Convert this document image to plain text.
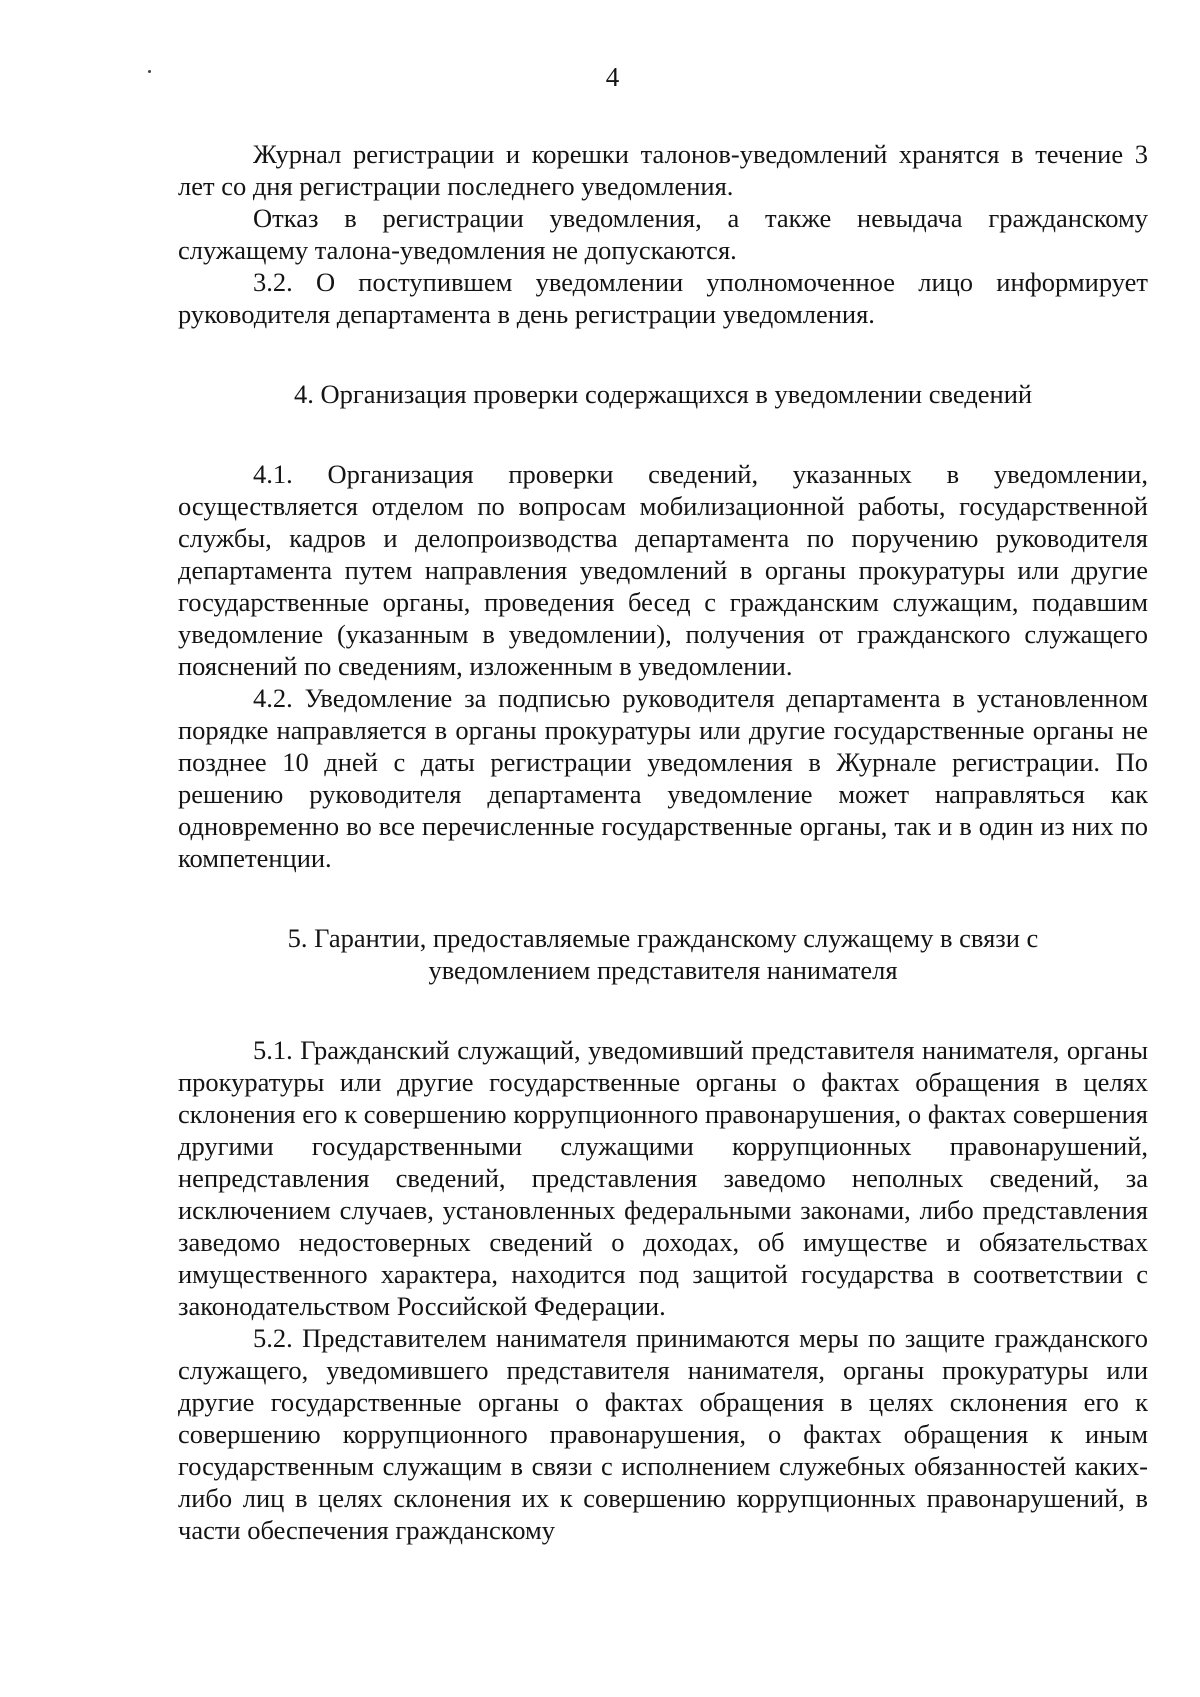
4

Журнал регистрации и корешки талонов-уведомлений хранятся в течение 3 лет со дня регистрации последнего уведомления.

Отказ в регистрации уведомления, а также невыдача гражданскому служащему талона-уведомления не допускаются.

3.2. О поступившем уведомлении уполномоченное лицо информирует руководителя департамента в день регистрации уведомления.

4. Организация проверки содержащихся в уведомлении сведений

4.1. Организация проверки сведений, указанных в уведомлении, осуществляется отделом по вопросам мобилизационной работы, государственной службы, кадров и делопроизводства департамента по поручению руководителя департамента путем направления уведомлений в органы прокуратуры или другие государственные органы, проведения бесед с гражданским служащим, подавшим уведомление (указанным в уведомлении), получения от гражданского служащего пояснений по сведениям, изложенным в уведомлении.

4.2. Уведомление за подписью руководителя департамента в установленном порядке направляется в органы прокуратуры или другие государственные органы не позднее 10 дней с даты регистрации уведомления в Журнале регистрации. По решению руководителя департамента уведомление может направляться как одновременно во все перечисленные государственные органы, так и в один из них по компетенции.

5. Гарантии, предоставляемые гражданскому служащему в связи с
уведомлением представителя нанимателя

5.1. Гражданский служащий, уведомивший представителя нанимателя, органы прокуратуры или другие государственные органы о фактах обращения в целях склонения его к совершению коррупционного правонарушения, о фактах совершения другими государственными служащими коррупционных правонарушений, непредставления сведений, представления заведомо неполных сведений, за исключением случаев, установленных федеральными законами, либо представления заведомо недостоверных сведений о доходах, об имуществе и обязательствах имущественного характера, находится под защитой государства в соответствии с законодательством Российской Федерации.

5.2. Представителем нанимателя принимаются меры по защите гражданского служащего, уведомившего представителя нанимателя, органы прокуратуры или другие государственные органы о фактах обращения в целях склонения его к совершению коррупционного правонарушения, о фактах обращения к иным государственным служащим в связи с исполнением служебных обязанностей каких-либо лиц в целях склонения их к совершению коррупционных правонарушений, в части обеспечения гражданскому
